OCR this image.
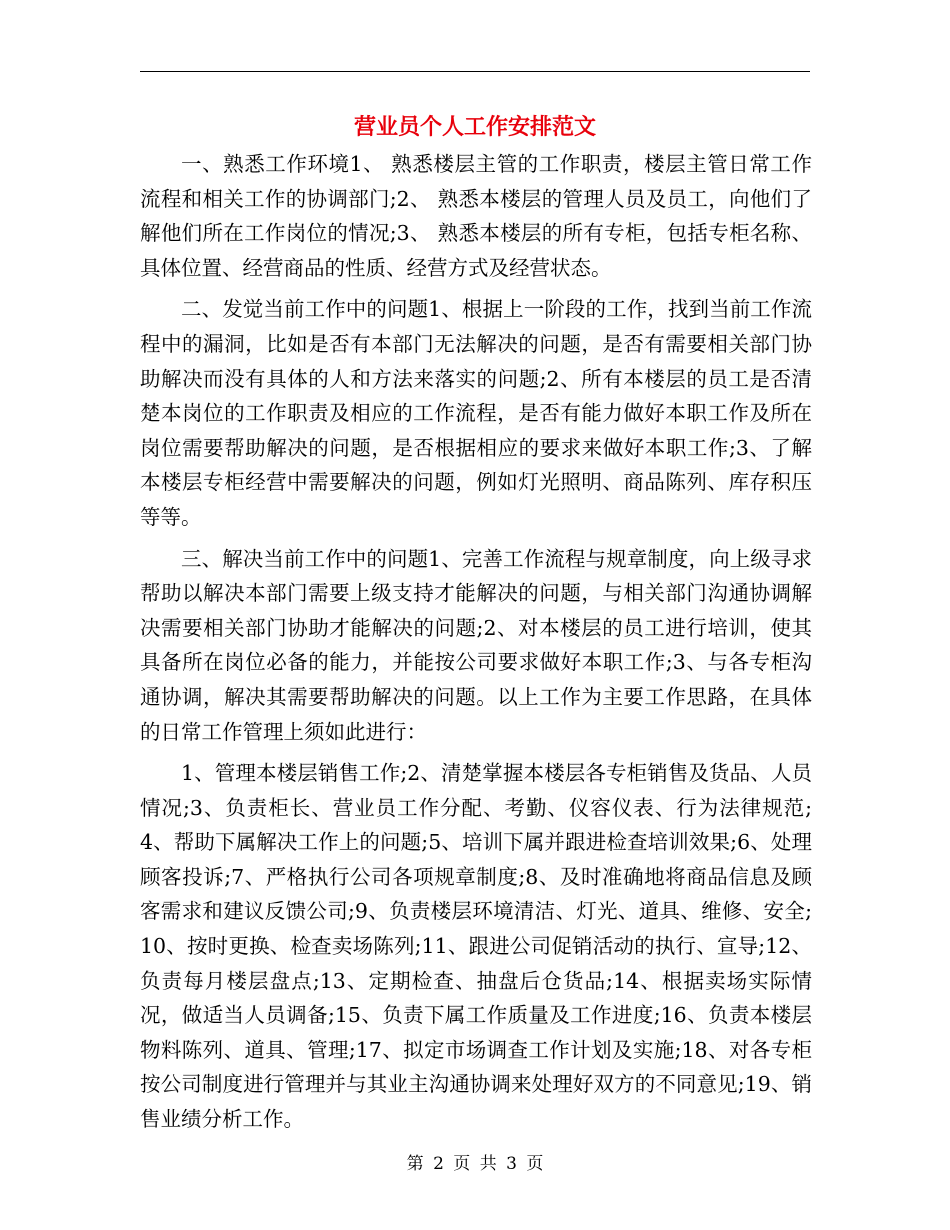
营业员个人工作安排范文

一、熟悉工作环境1、 熟悉楼层主管的工作职责，楼层主管日常工作流程和相关工作的协调部门;2、 熟悉本楼层的管理人员及员工，向他们了解他们所在工作岗位的情况;3、 熟悉本楼层的所有专柜，包括专柜名称、具体位置、经营商品的性质、经营方式及经营状态。

二、发觉当前工作中的问题1、根据上一阶段的工作，找到当前工作流程中的漏洞，比如是否有本部门无法解决的问题，是否有需要相关部门协助解决而没有具体的人和方法来落实的问题;2、所有本楼层的员工是否清楚本岗位的工作职责及相应的工作流程，是否有能力做好本职工作及所在岗位需要帮助解决的问题，是否根据相应的要求来做好本职工作;3、了解本楼层专柜经营中需要解决的问题，例如灯光照明、商品陈列、库存积压等等。

三、解决当前工作中的问题1、完善工作流程与规章制度，向上级寻求帮助以解决本部门需要上级支持才能解决的问题，与相关部门沟通协调解决需要相关部门协助才能解决的问题;2、对本楼层的员工进行培训，使其具备所在岗位必备的能力，并能按公司要求做好本职工作;3、与各专柜沟通协调，解决其需要帮助解决的问题。以上工作为主要工作思路，在具体的日常工作管理上须如此进行：

1、管理本楼层销售工作;2、清楚掌握本楼层各专柜销售及货品、人员情况;3、负责柜长、营业员工作分配、考勤、仪容仪表、行为法律规范;4、帮助下属解决工作上的问题;5、培训下属并跟进检查培训效果;6、处理顾客投诉;7、严格执行公司各项规章制度;8、及时准确地将商品信息及顾客需求和建议反馈公司;9、负责楼层环境清洁、灯光、道具、维修、安全;10、按时更换、检查卖场陈列;11、跟进公司促销活动的执行、宣导;12、负责每月楼层盘点;13、定期检查、抽盘后仓货品;14、根据卖场实际情况，做适当人员调备;15、负责下属工作质量及工作进度;16、负责本楼层物料陈列、道具、管理;17、拟定市场调查工作计划及实施;18、对各专柜按公司制度进行管理并与其业主沟通协调来处理好双方的不同意见;19、销售业绩分析工作。

第 2 页 共 3 页
